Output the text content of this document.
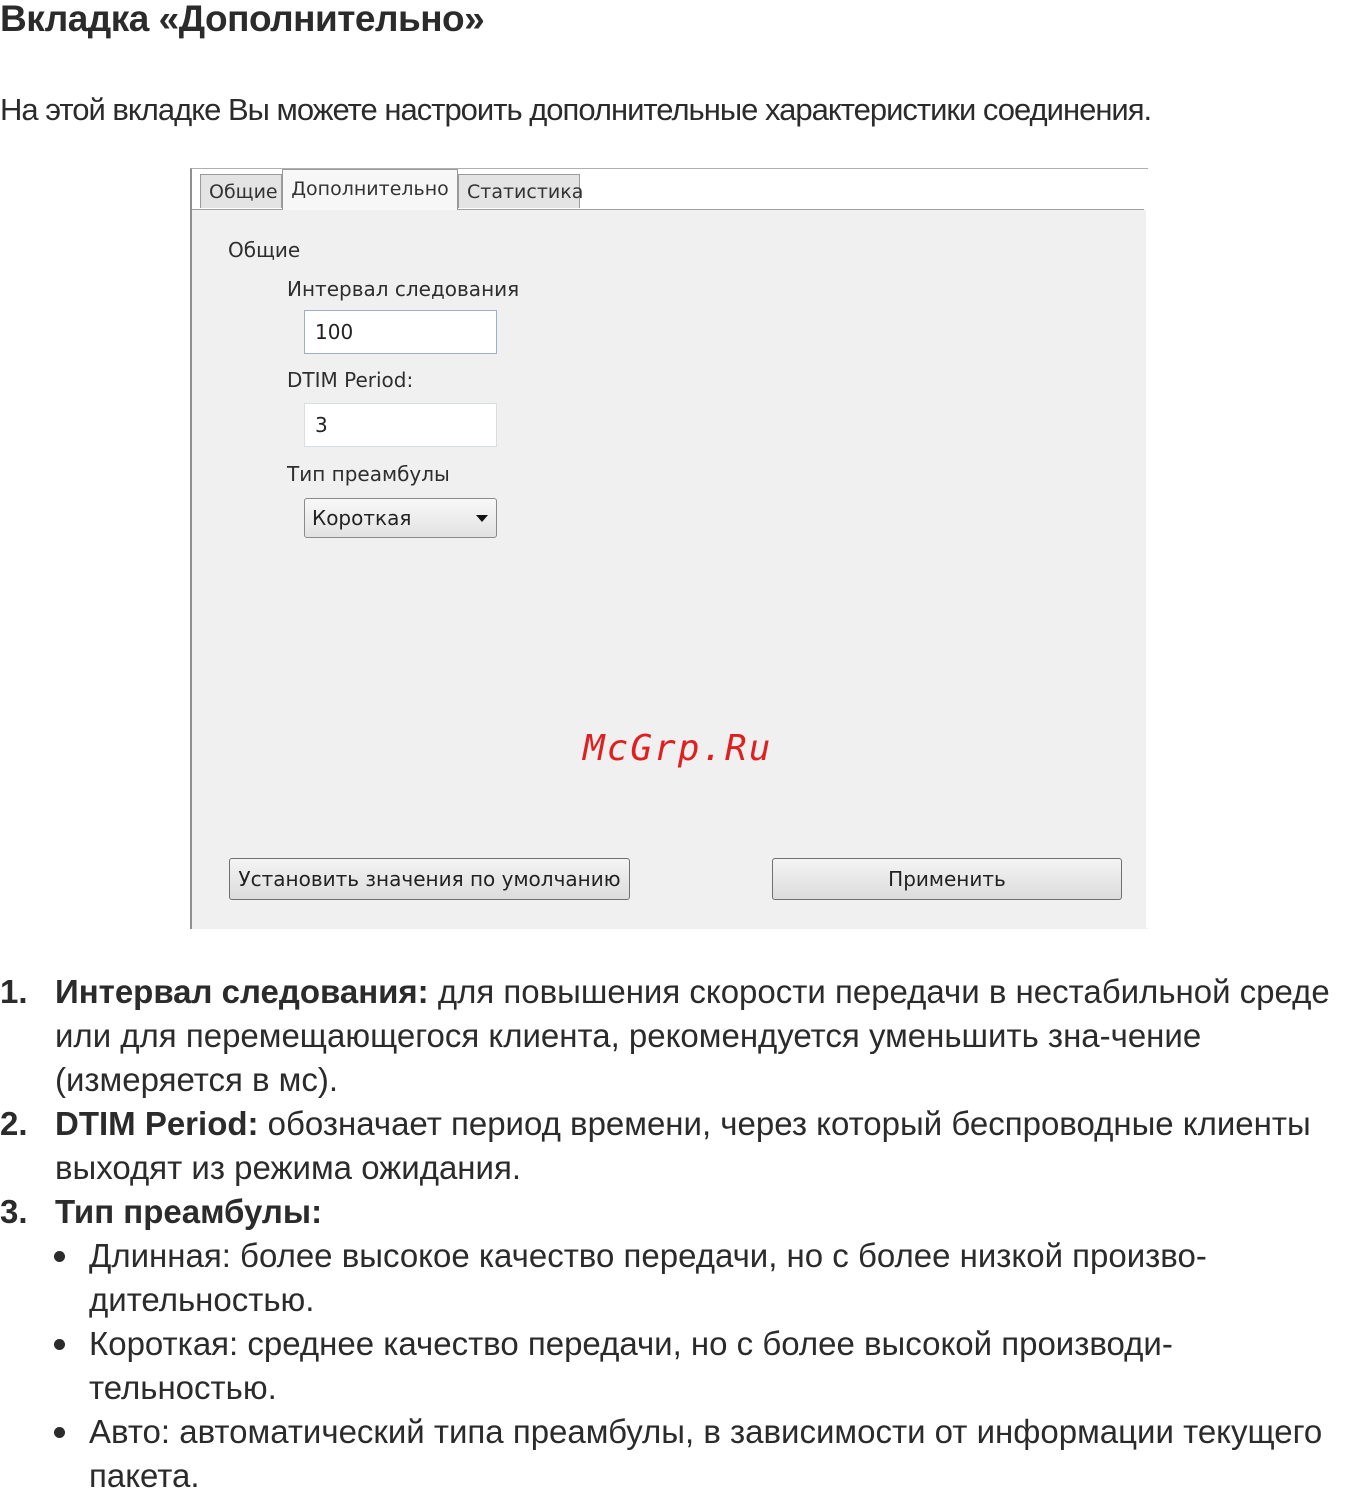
Вкладка «Дополнительно»
На этой вкладке Вы можете настроить дополнительные характеристики соединения.
Общие Дополнительно Статистика
Общие
Интервал следования
100
DTIM Period:
3
Тип преамбулы
Короткая
Установить значения по умолчанию	Применить
McGrp.Ru
1. Интервал следования: для повышения скорости передачи в нестабильной среде или для перемещающегося клиента, рекомендуется уменьшить зна-чение (измеряется в мс).
2. DTIM Period: обозначает период времени, через который беспроводные клиенты выходят из режима ожидания.
3. Тип преамбулы:
Длинная: более высокое качество передачи, но с более низкой произво-дительностью.
Короткая: среднее качество передачи, но с более высокой производи-тельностью.
Авто: автоматический типа преамбулы, в зависимости от информации текущего пакета.
